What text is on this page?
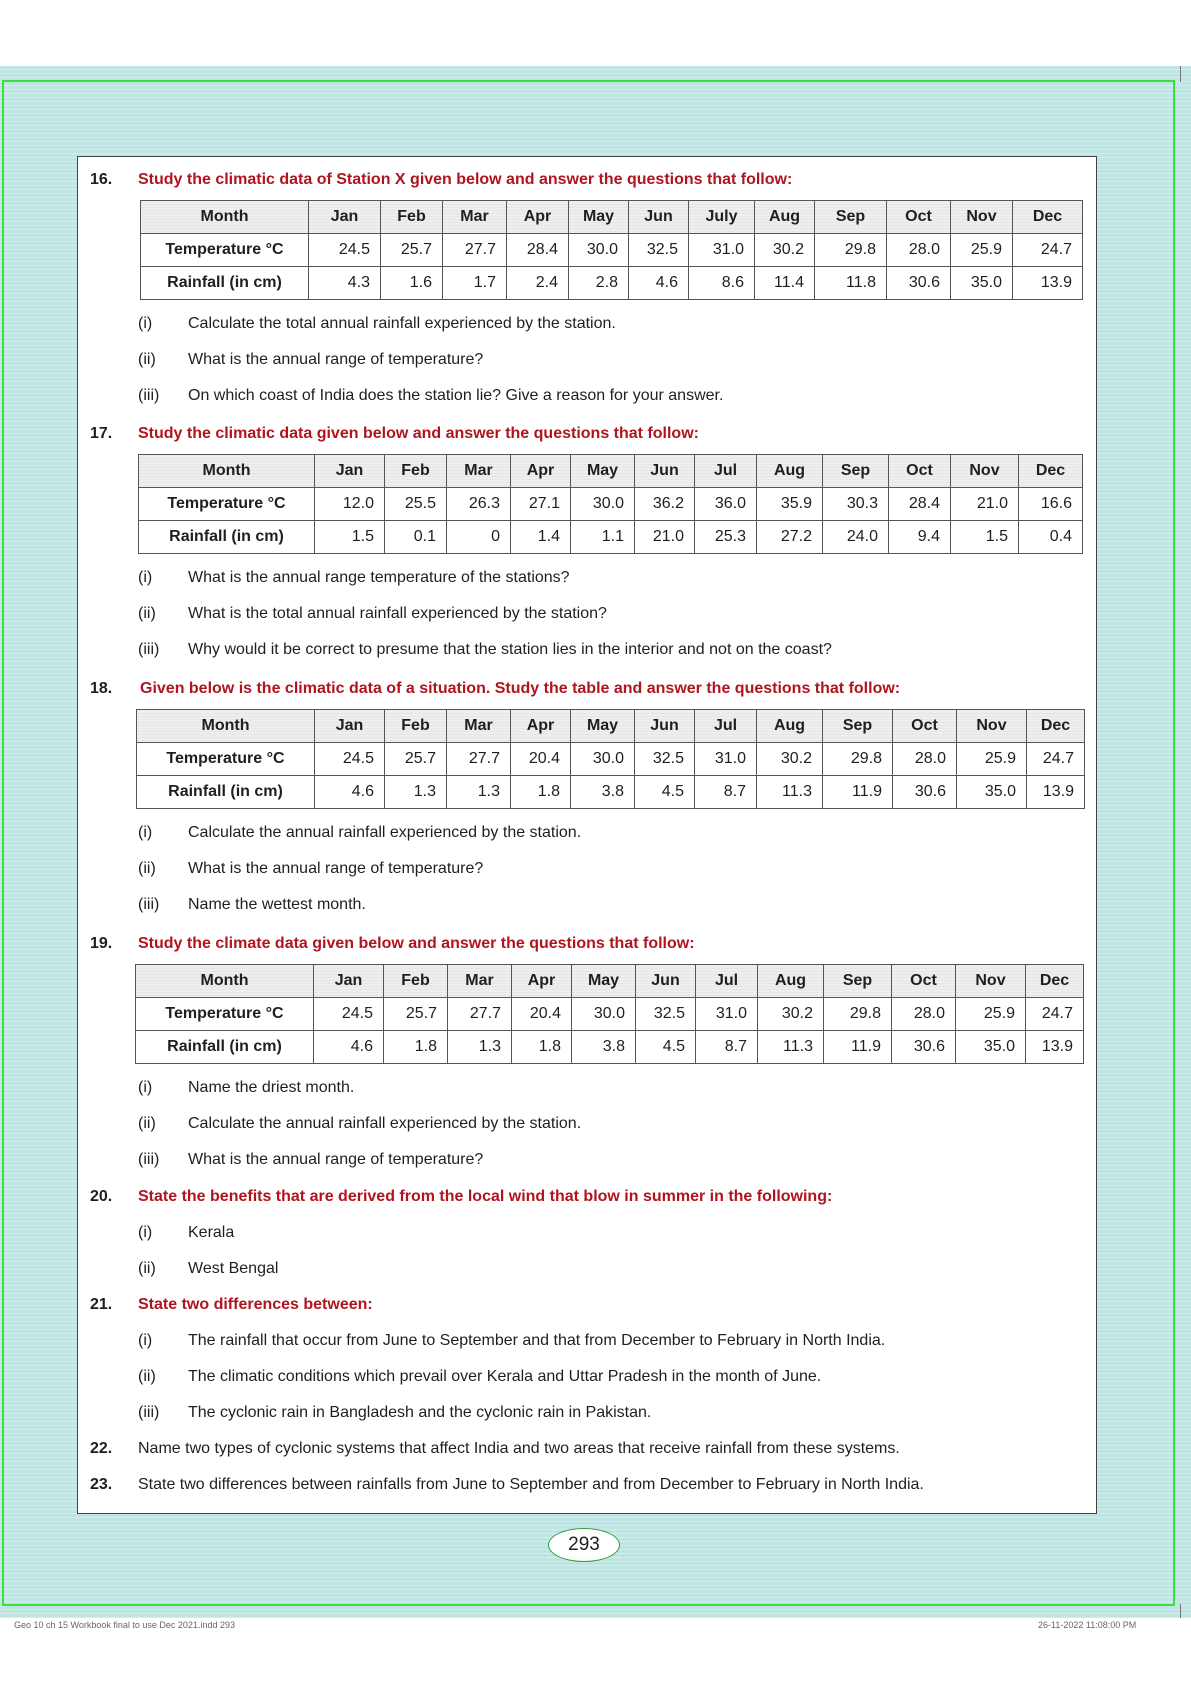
16. Study the climatic data of Station X given below and answer the questions that follow:
Month	Jan	Feb	Mar	Apr	May	Jun	July	Aug	Sep	Oct	Nov	Dec
Temperature °C	24.5	25.7	27.7	28.4	30.0	32.5	31.0	30.2	29.8	28.0	25.9	24.7
Rainfall (in cm)	4.3	1.6	1.7	2.4	2.8	4.6	8.6	11.4	11.8	30.6	35.0	13.9
(i) Calculate the total annual rainfall experienced by the station.
(ii) What is the annual range of temperature?
(iii) On which coast of India does the station lie? Give a reason for your answer.
17. Study the climatic data given below and answer the questions that follow:
Month	Jan	Feb	Mar	Apr	May	Jun	Jul	Aug	Sep	Oct	Nov	Dec
Temperature °C	12.0	25.5	26.3	27.1	30.0	36.2	36.0	35.9	30.3	28.4	21.0	16.6
Rainfall (in cm)	1.5	0.1	0	1.4	1.1	21.0	25.3	27.2	24.0	9.4	1.5	0.4
(i) What is the annual range temperature of the stations?
(ii) What is the total annual rainfall experienced by the station?
(iii) Why would it be correct to presume that the station lies in the interior and not on the coast?
18. Given below is the climatic data of a situation. Study the table and answer the questions that follow:
Month	Jan	Feb	Mar	Apr	May	Jun	Jul	Aug	Sep	Oct	Nov	Dec
Temperature °C	24.5	25.7	27.7	20.4	30.0	32.5	31.0	30.2	29.8	28.0	25.9	24.7
Rainfall (in cm)	4.6	1.3	1.3	1.8	3.8	4.5	8.7	11.3	11.9	30.6	35.0	13.9
(i) Calculate the annual rainfall experienced by the station.
(ii) What is the annual range of temperature?
(iii) Name the wettest month.
19. Study the climate data given below and answer the questions that follow:
Month	Jan	Feb	Mar	Apr	May	Jun	Jul	Aug	Sep	Oct	Nov	Dec
Temperature °C	24.5	25.7	27.7	20.4	30.0	32.5	31.0	30.2	29.8	28.0	25.9	24.7
Rainfall (in cm)	4.6	1.8	1.3	1.8	3.8	4.5	8.7	11.3	11.9	30.6	35.0	13.9
(i) Name the driest month.
(ii) Calculate the annual rainfall experienced by the station.
(iii) What is the annual range of temperature?
20. State the benefits that are derived from the local wind that blow in summer in the following:
(i) Kerala
(ii) West Bengal
21. State two differences between:
(i) The rainfall that occur from June to September and that from December to February in North India.
(ii) The climatic conditions which prevail over Kerala and Uttar Pradesh in the month of June.
(iii) The cyclonic rain in Bangladesh and the cyclonic rain in Pakistan.
22. Name two types of cyclonic systems that affect India and two areas that receive rainfall from these systems.
23. State two differences between rainfalls from June to September and from December to February in North India.
293
Geo 10 ch 15 Workbook final to use Dec 2021.indd 293	26-11-2022 11:08:00 PM
